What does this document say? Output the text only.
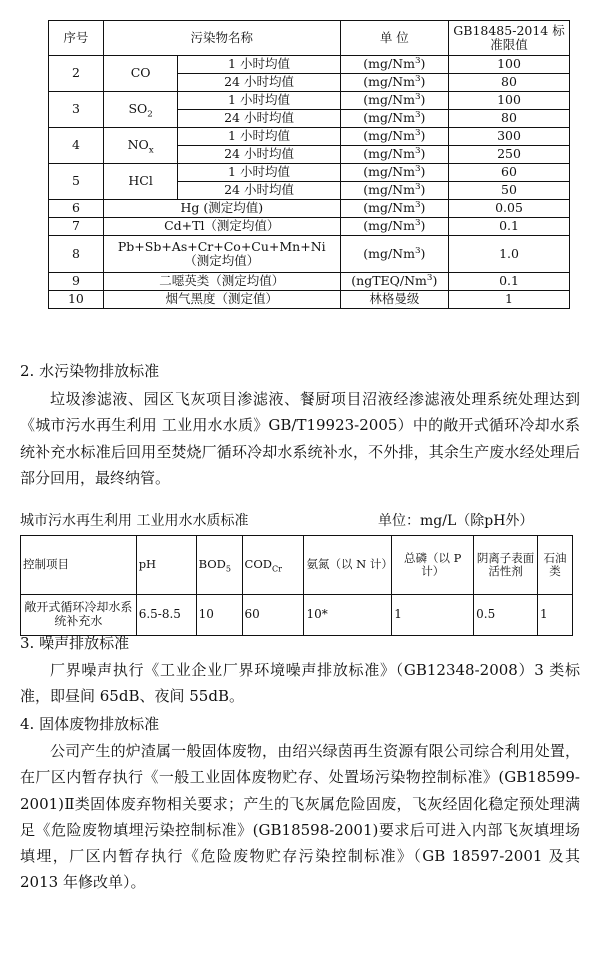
序号	污染物名称		单 位	GB18485-2014 标准限值
2	CO	1 小时均值	(mg/Nm$^3$)	100
		24 小时均值	(mg/Nm$^3$)	80
3	$SO_2$	1 小时均值	(mg/Nm$^3$)	100
		24 小时均值	(mg/Nm$^3$)	80
4	$NO_x$	1 小时均值	(mg/Nm$^3$)	300
		24 小时均值	(mg/Nm$^3$)	250
5	HCl	1 小时均值	(mg/Nm$^3$)	60
		24 小时均值	(mg/Nm$^3$)	50
6	Hg (测定均值)		(mg/Nm$^3$)	0.05
7	Cd+Tl（测定均值）		(mg/Nm$^3$)	0.1
8	Pb+Sb+As+Cr+Co+Cu+Mn+Ni（测定均值）		(mg/Nm$^3$)	1.0
9	二噁英类（测定均值）		(ngTEQ/Nm$^3$)	0.1
10	烟气黑度（测定值）		林格曼级	1
2. 水污染物排放标准
垃圾渗滤液、园区飞灰项目渗滤液、餐厨项目沼液经渗滤液处理系统处理达到《城市污水再生利用 工业用水水质》GB/T19923-2005）中的敞开式循环冷却水系统补充水标准后回用至焚烧厂循环冷却水系统补水，不外排，其余生产废水经处理后部分回用，最终纳管。
城市污水再生利用 工业用水水质标准	单位：mg/L（除pH外）
控制项目	pH	$BOD_5$	$COD_{Cr}$	氨氮（以 N 计）	总磷（以 P 计）	阴离子表面活性剂	石油类
敞开式循环冷却水系统补充水	6.5-8.5	10	60	10*	1	0.5	1
3. 噪声排放标准
厂界噪声执行《工业企业厂界环境噪声排放标准》（GB12348-2008）3 类标准，即昼间 65dB、夜间 55dB。
4. 固体废物排放标准
公司产生的炉渣属一般固体废物，由绍兴绿茵再生资源有限公司综合利用处置，在厂区内暂存执行《一般工业固体废物贮存、处置场污染物控制标准》(GB18599-2001)Ⅱ类固体废弃物相关要求；产生的飞灰属危险固废，飞灰经固化稳定预处理满足《危险废物填埋污染控制标准》(GB18598-2001)要求后可进入内部飞灰填埋场填埋，厂区内暂存执行《危险废物贮存污染控制标准》（GB 18597-2001 及其 2013 年修改单）。
